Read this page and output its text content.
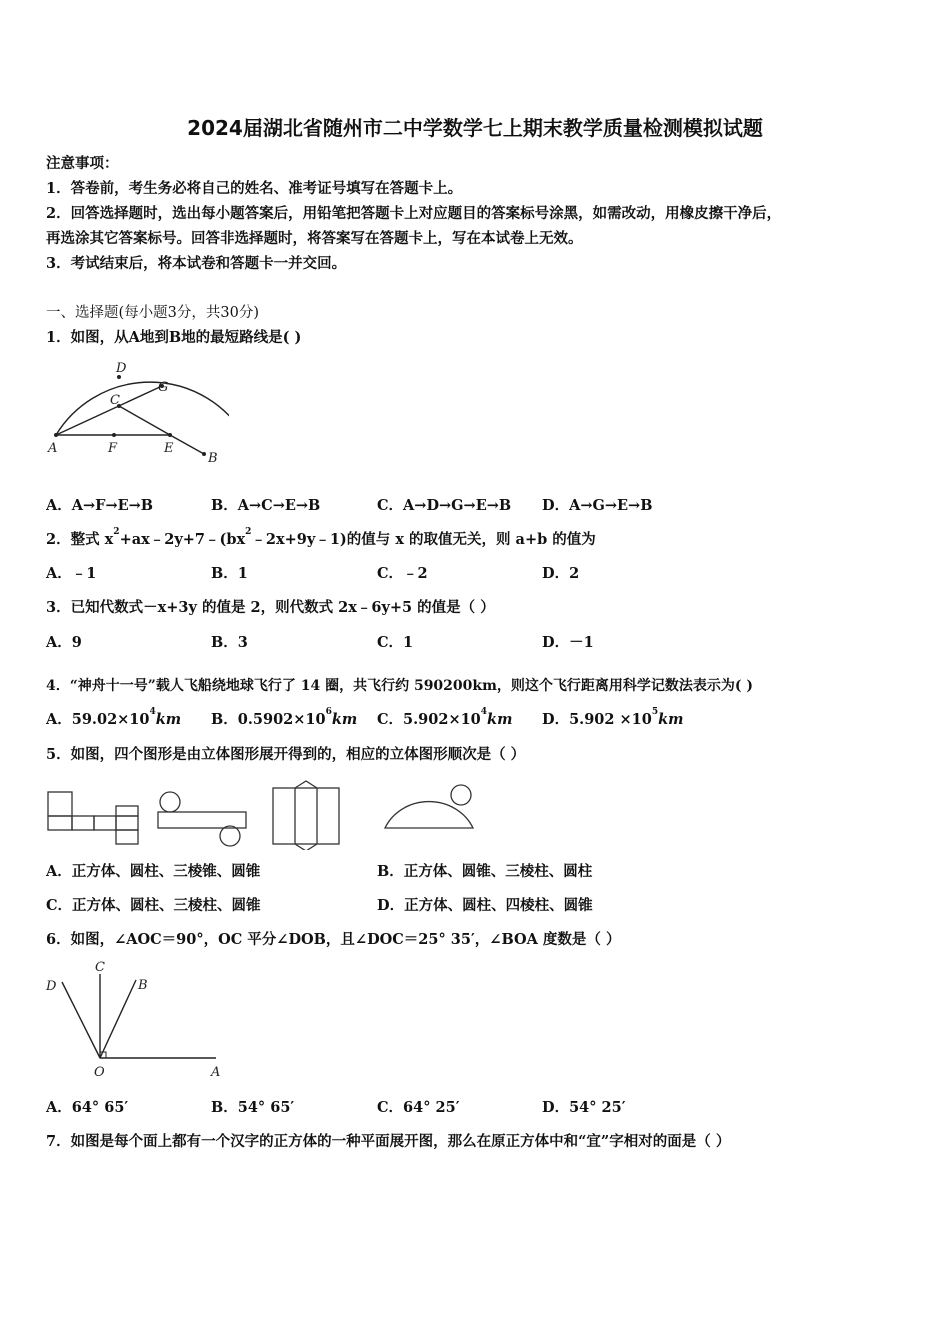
2024届湖北省随州市二中学数学七上期末教学质量检测模拟试题
注意事项：
1．答卷前，考生务必将自己的姓名、准考证号填写在答题卡上。
2．回答选择题时，选出每小题答案后，用铅笔把答题卡上对应题目的答案标号涂黑，如需改动，用橡皮擦干净后，
再选涂其它答案标号。回答非选择题时，将答案写在答题卡上，写在本试卷上无效。
3．考试结束后，将本试卷和答题卡一并交回。
一、选择题(每小题3分，共30分)
1．如图，从A地到B地的最短路线是( )
D
G
C
A	F	E
B
A．A→F→E→B	B．A→C→E→B	C．A→D→G→E→B D．A→G→E→B
2．整式 $x^2+ax﹣2y+7﹣(bx^2﹣2x+9y﹣1)$的值与 x 的取值无关，则 a+b 的值为
A．﹣1	B．1	C．﹣2	D．2
3．已知代数式－x+3y 的值是 2，则代数式 2x﹣6y+5 的值是（ ）
A．9	B．3	C．1	D．－1
4．“神舟十一号”载人飞船绕地球飞行了 14 圈，共飞行约 590200km，则这个飞行距离用科学记数法表示为( )
A．$59.02\times 10^4km$ B．$0.5902\times 10^6km$ C．$5.902\times 10^4km$ D．$5.902 \times 10^5km$
5．如图，四个图形是由立体图形展开得到的，相应的立体图形顺次是（ ）
A．正方体、圆柱、三棱锥、圆锥	B．正方体、圆锥、三棱柱、圆柱
C．正方体、圆柱、三棱柱、圆锥	D．正方体、圆柱、四棱柱、圆锥
6．如图，∠AOC＝90°，OC 平分∠DOB，且∠DOC＝25° 35′，∠BOA 度数是（ ）
C
D	B
O	A
A．64° 65′	B．54° 65′	C．64° 25′	D．54° 25′
7．如图是每个面上都有一个汉字的正方体的一种平面展开图，那么在原正方体中和“宜”字相对的面是（ ）
